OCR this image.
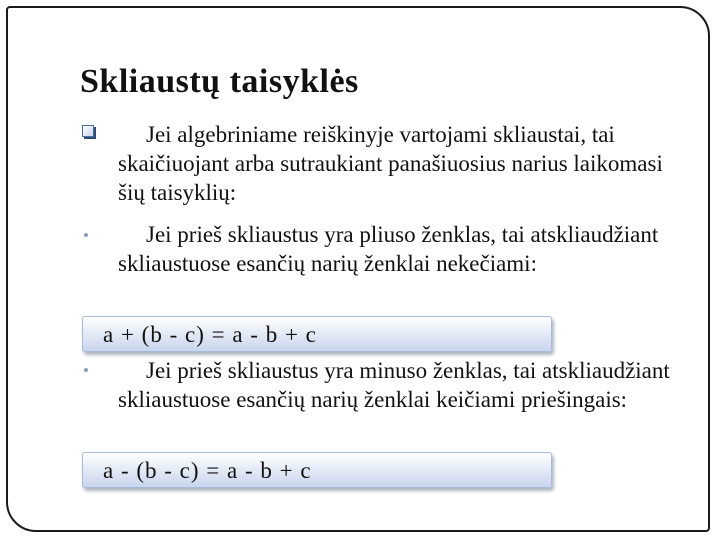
Skliaustų taisyklės

Jei algebriniame reiškinyje vartojami skliaustai, tai skaičiuojant arba sutraukiant panašiuosius narius laikomasi šių taisyklių:

Jei prieš skliaustus yra pliuso ženklas, tai atskliaudžiant skliaustuose esančių narių ženklai nekečiami:

a + (b - c) = a - b + c

Jei prieš skliaustus yra minuso ženklas, tai atskliaudžiant skliaustuose esančių narių ženklai keičiami priešingais:

a - (b - c) = a - b + c
